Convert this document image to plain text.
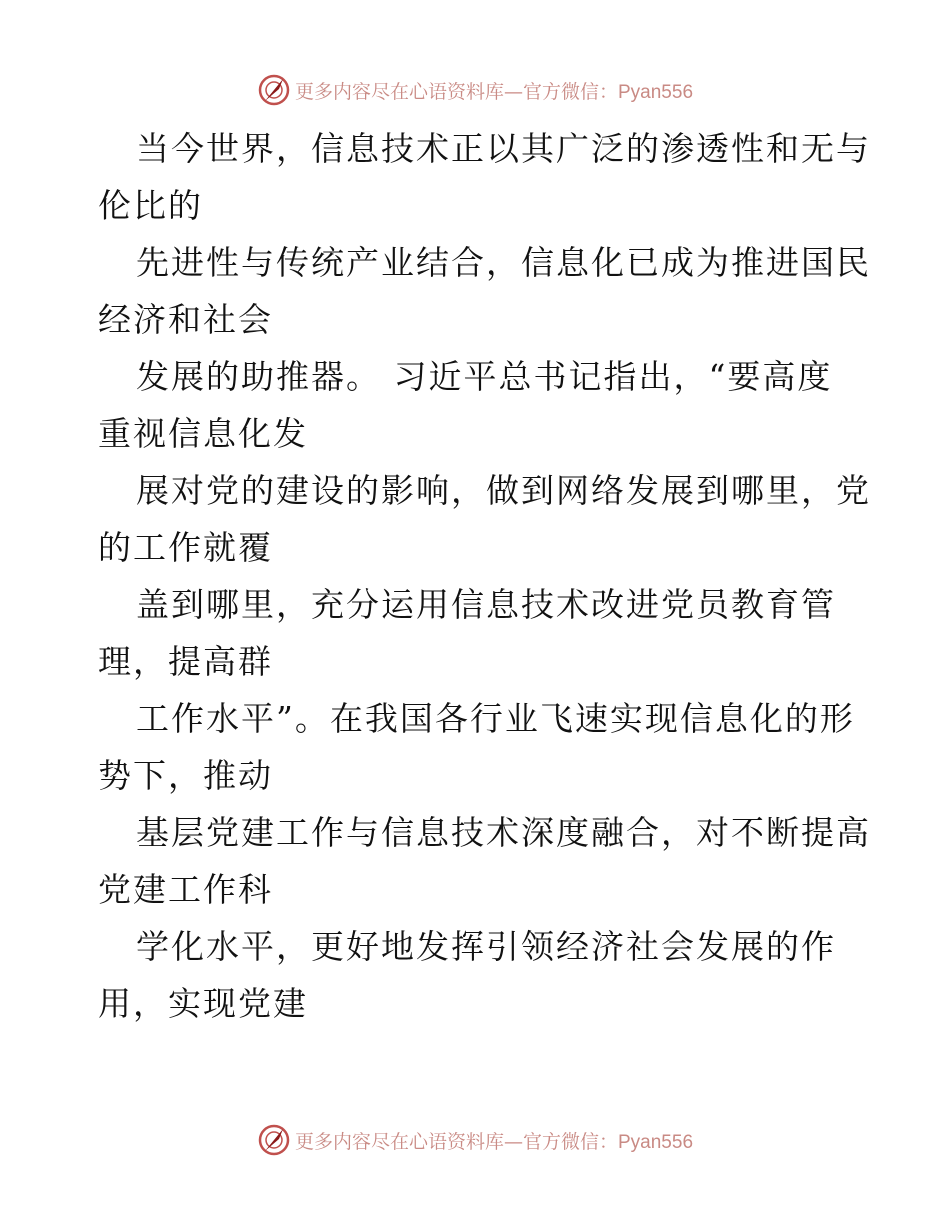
更多内容尽在心语资料库—官方微信：Pyan556
当今世界，信息技术正以其广泛的渗透性和无与
伦比的
先进性与传统产业结合，信息化已成为推进国民
经济和社会
发展的助推器。 习近平总书记指出，“要高度
重视信息化发
展对党的建设的影响，做到网络发展到哪里，党
的工作就覆
盖到哪里，充分运用信息技术改进党员教育管
理，提高群
工作水平”。在我国各行业飞速实现信息化的形
势下，推动
基层党建工作与信息技术深度融合，对不断提高
党建工作科
学化水平，更好地发挥引领经济社会发展的作
用，实现党建
更多内容尽在心语资料库—官方微信：Pyan556
